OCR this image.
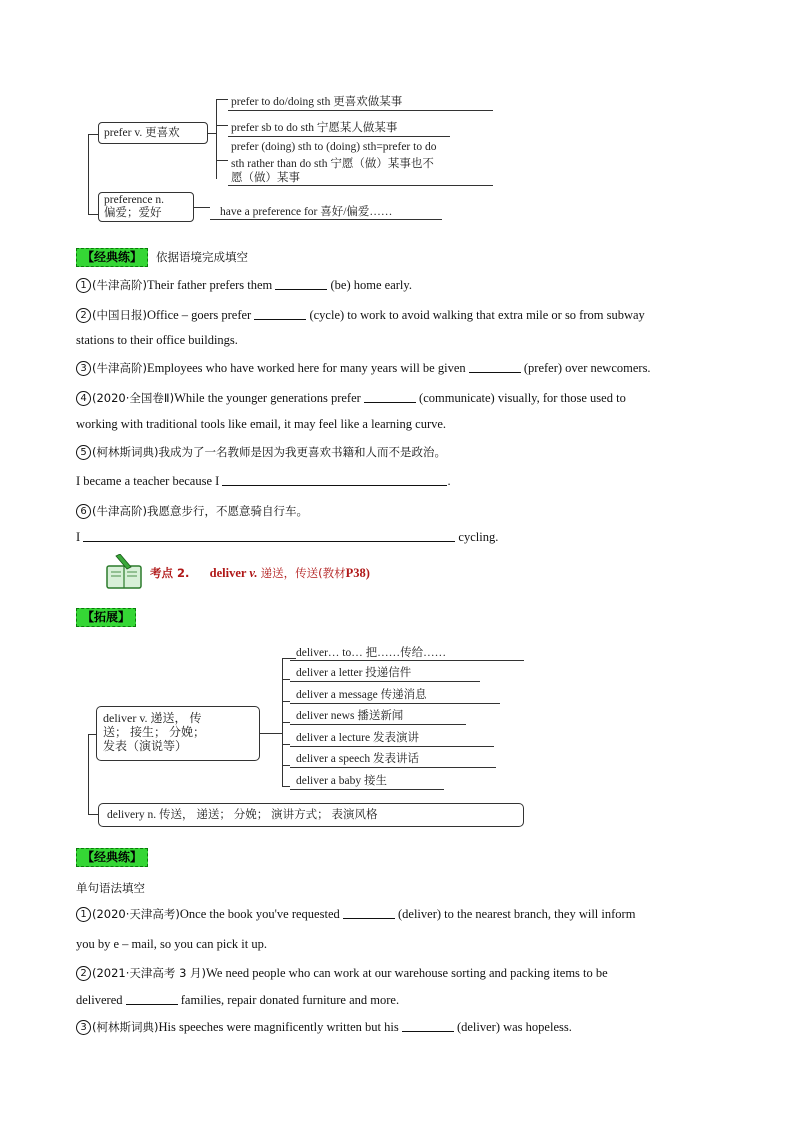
prefer v. 更喜欢
prefer to do/doing sth 更喜欢做某事
prefer sb to do sth 宁愿某人做某事
prefer (doing) sth to (doing) sth=prefer to do
sth rather than do sth 宁愿（做）某事也不
愿（做）某事
preference n.
偏爱；爱好	have a preference for 喜好/偏爱……
【经典练】	依据语境完成填空
1 (牛津高阶)Their father prefers them	(be) home early.
2 (中国日报)Office – goers prefer	(cycle) to work to avoid walking that extra mile or so from subway
stations to their office buildings.
3 (牛津高阶)Employees who have worked here for many years will be given	(prefer) over newcomers.
4 (2020·全国卷Ⅱ)While the younger generations prefer	(communicate) visually, for those used to
working with traditional tools like email, it may feel like a learning curve.
5 (柯林斯词典)我成为了一名教师是因为我更喜欢书籍和人而不是政治。
I became a teacher because I	.
6 (牛津高阶)我愿意步行，不愿意骑自行车。
I	cycling.
考点 2. deliver v. 递送，传送(教材P38)
【拓展】
deliver v. 递送， 传
送； 接生； 分娩；
发表（演说等）
deliver… to… 把……传给……
deliver a letter 投递信件
deliver a message 传递消息
deliver news 播送新闻
deliver a lecture 发表演讲
deliver a speech 发表讲话
deliver a baby 接生
delivery n. 传送， 递送； 分娩； 演讲方式； 表演风格
【经典练】
单句语法填空
1 (2020·天津高考)Once the book you've requested	(deliver) to the nearest branch, they will inform
you by e – mail, so you can pick it up.
2 (2021·天津高考 3 月)We need people who can work at our warehouse sorting and packing items to be
delivered	families, repair donated furniture and more.
3 (柯林斯词典)His speeches were magnificently written but his	(deliver) was hopeless.
